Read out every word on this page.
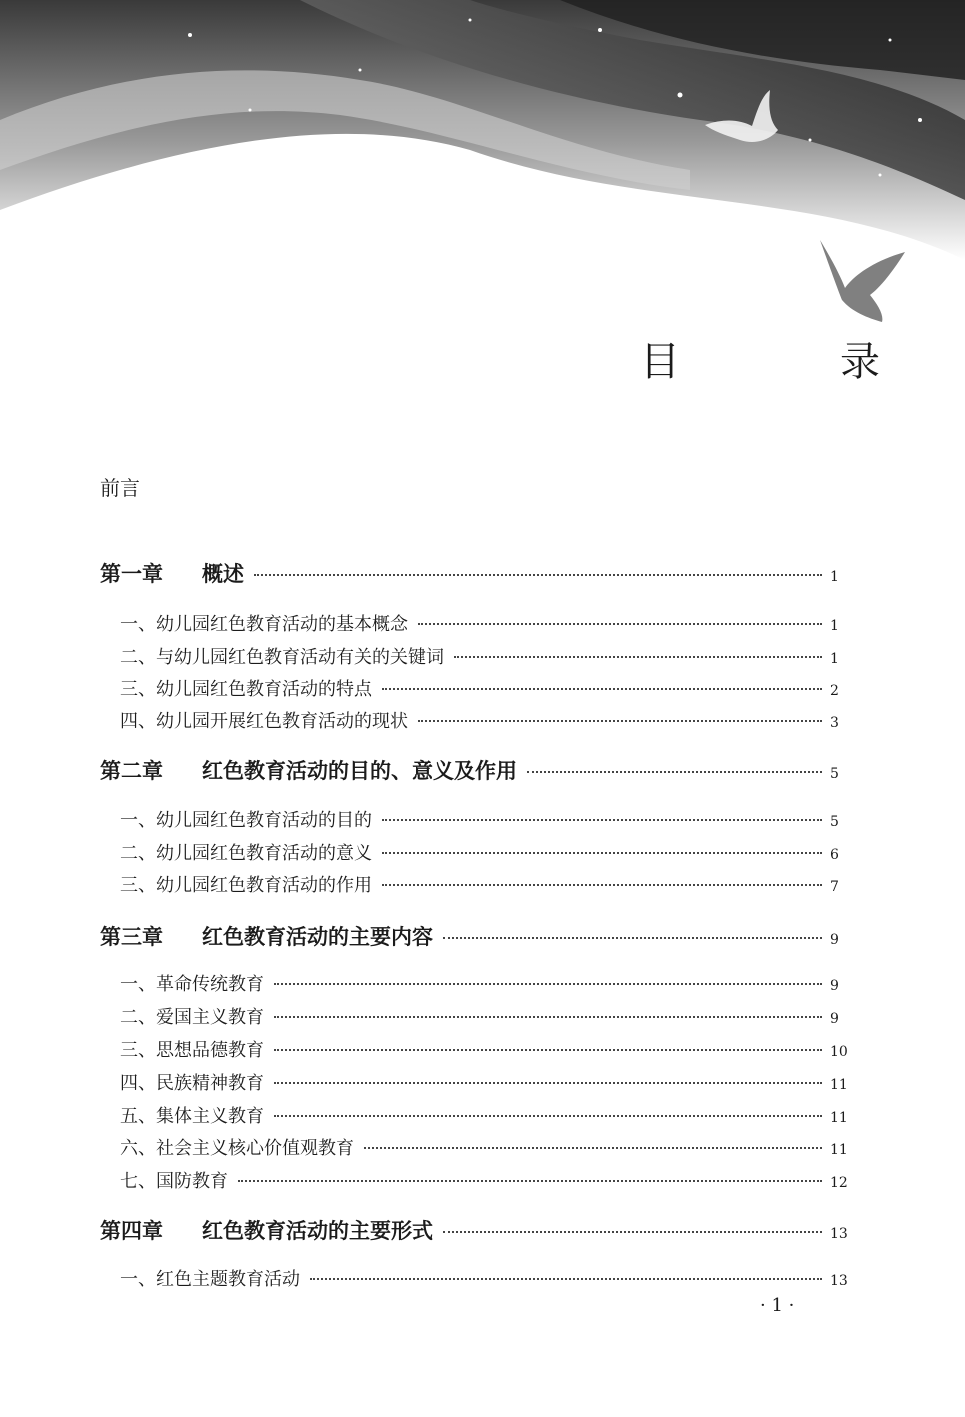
目　录
前言
第一章	概述	1
一、幼儿园红色教育活动的基本概念	1
二、与幼儿园红色教育活动有关的关键词	1
三、幼儿园红色教育活动的特点	2
四、幼儿园开展红色教育活动的现状	3
第二章	红色教育活动的目的、意义及作用	5
一、幼儿园红色教育活动的目的	5
二、幼儿园红色教育活动的意义	6
三、幼儿园红色教育活动的作用	7
第三章	红色教育活动的主要内容	9
一、革命传统教育	9
二、爱国主义教育	9
三、思想品德教育	10
四、民族精神教育	11
五、集体主义教育	11
六、社会主义核心价值观教育	11
七、国防教育	12
第四章	红色教育活动的主要形式	13
一、红色主题教育活动	13
· 1 ·
